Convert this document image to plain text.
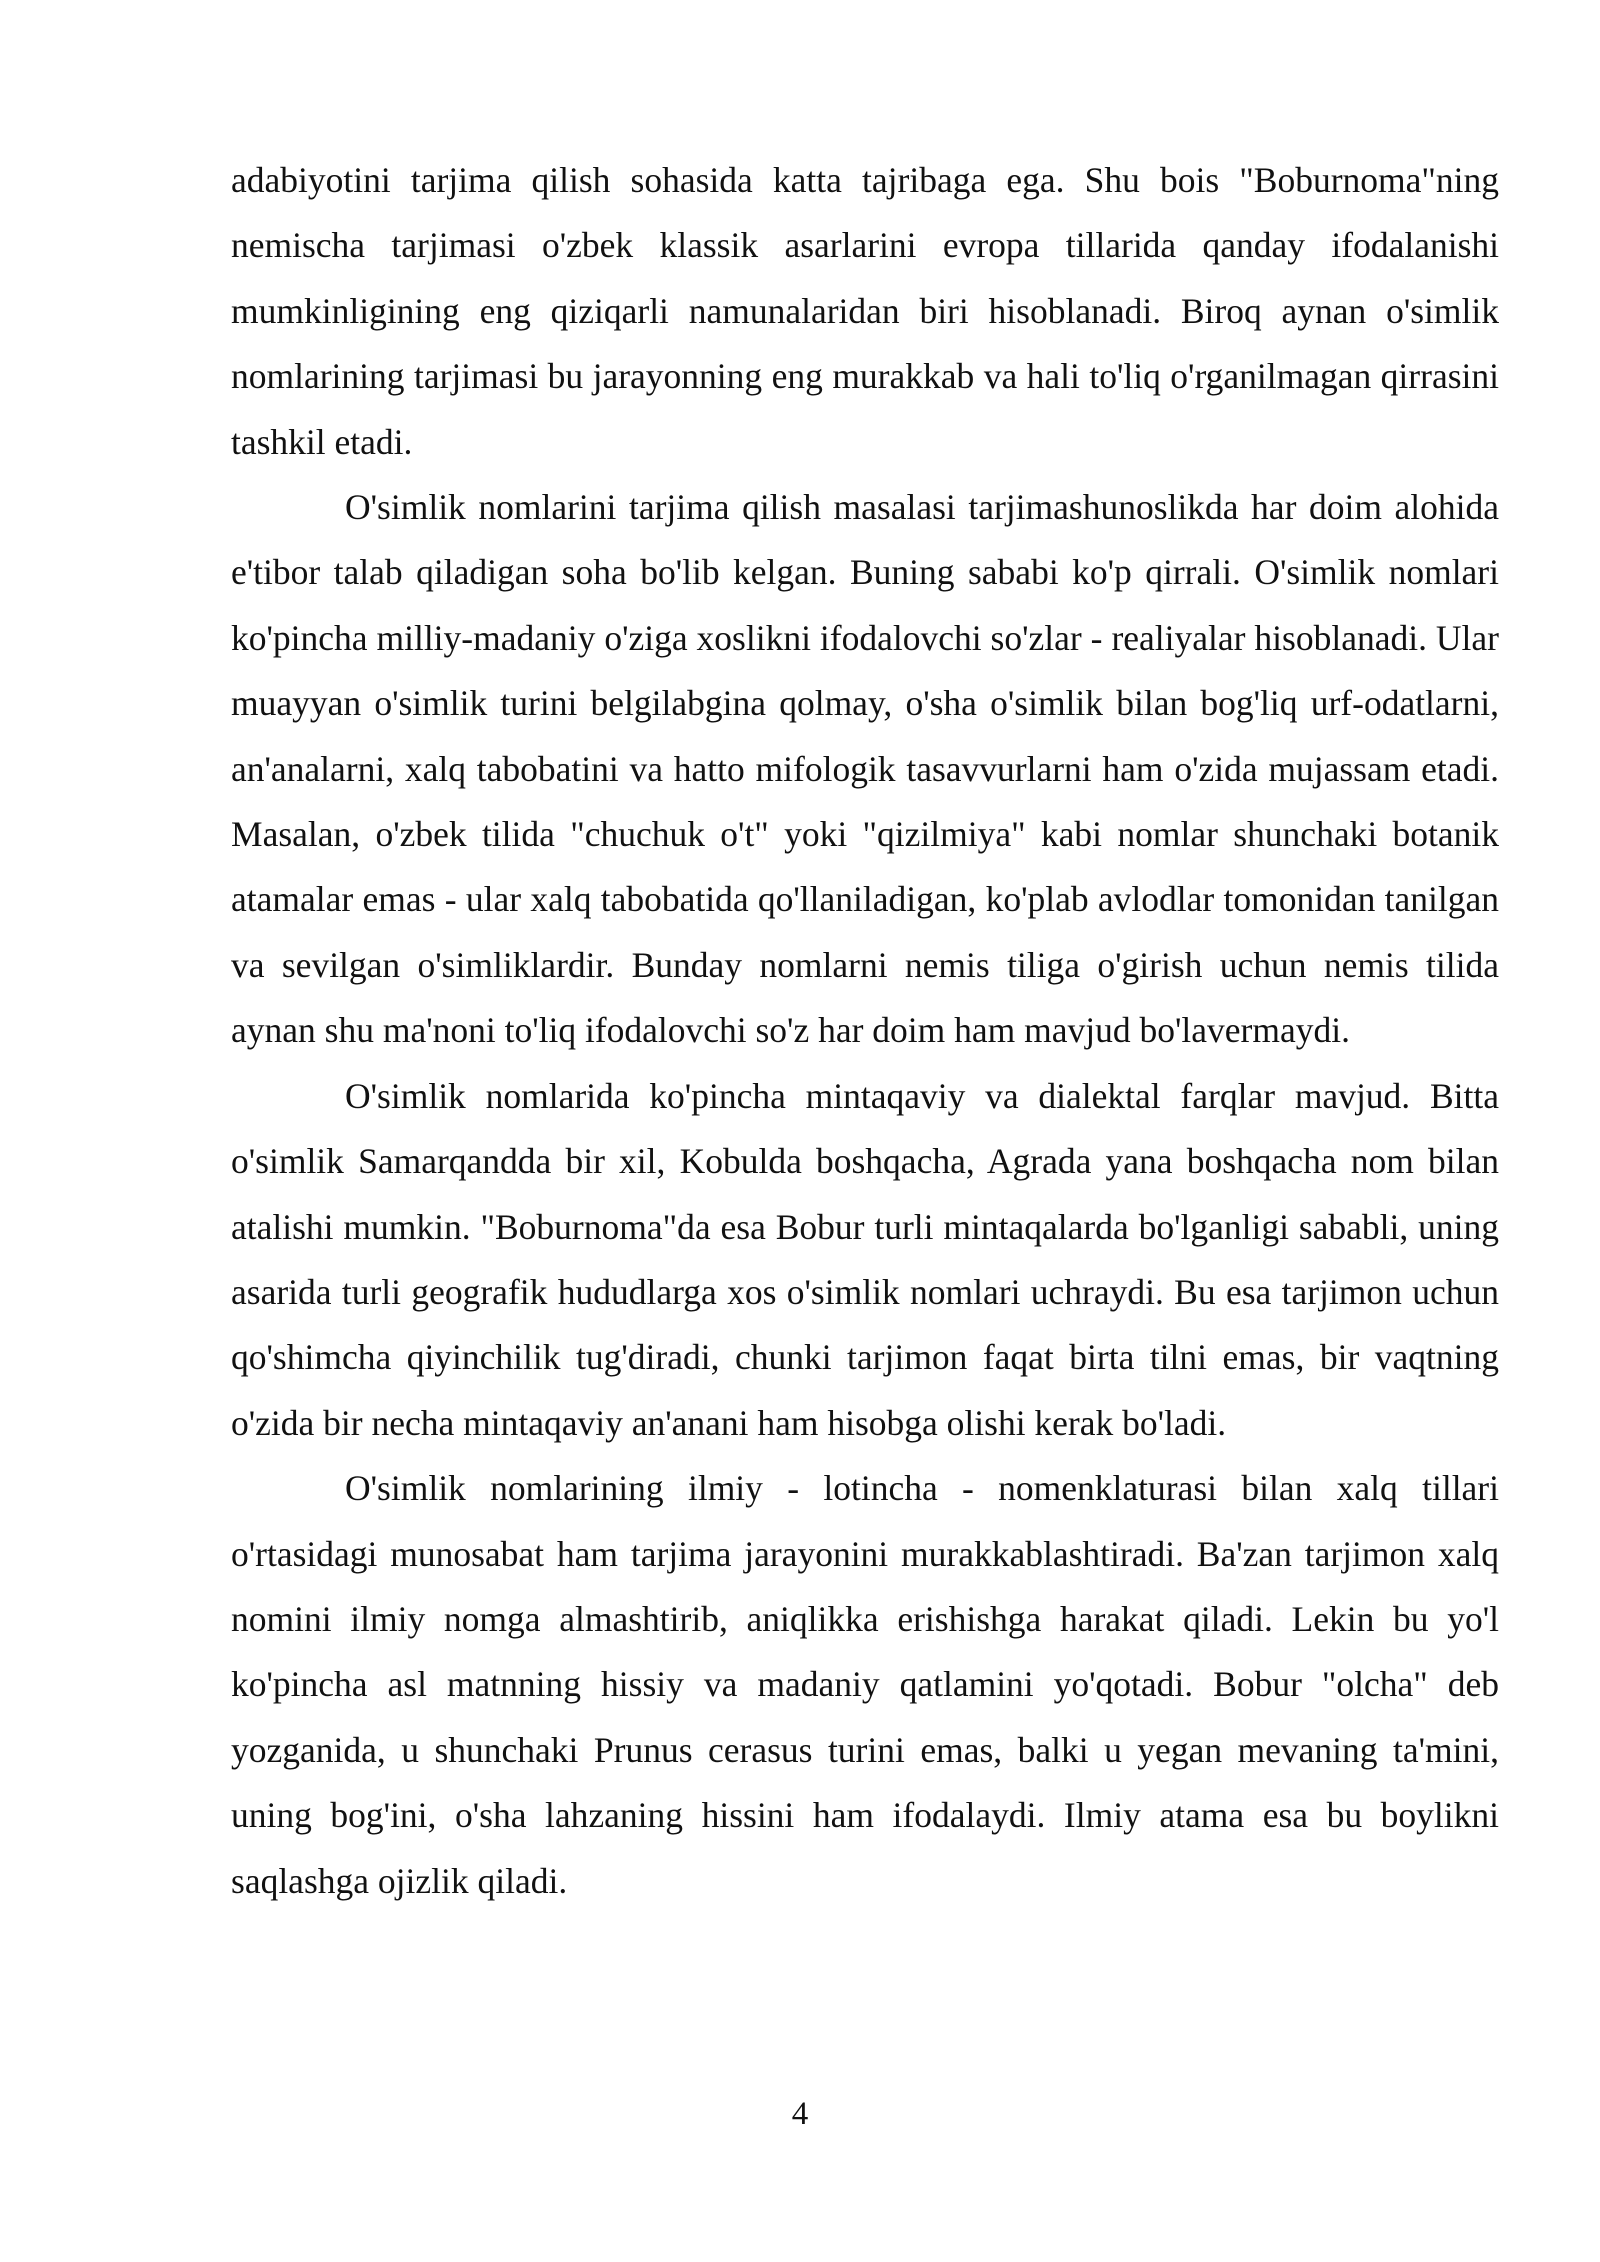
adabiyotini tarjima qilish sohasida katta tajribaga ega. Shu bois "Boburnoma"ning nemischa tarjimasi o'zbek klassik asarlarini evropa tillarida qanday ifodalanishi mumkinligining eng qiziqarli namunalaridan biri hisoblanadi. Biroq aynan o'simlik nomlarining tarjimasi bu jarayonning eng murakkab va hali to'liq o'rganilmagan qirrasini tashkil etadi.

O'simlik nomlarini tarjima qilish masalasi tarjimashunoslikda har doim alohida e'tibor talab qiladigan soha bo'lib kelgan. Buning sababi ko'p qirrali. O'simlik nomlari ko'pincha milliy-madaniy o'ziga xoslikni ifodalovchi so'zlar - realiyalar hisoblanadi. Ular muayyan o'simlik turini belgilabgina qolmay, o'sha o'simlik bilan bog'liq urf-odatlarni, an'analarni, xalq tabobatini va hatto mifologik tasavvurlarni ham o'zida mujassam etadi. Masalan, o'zbek tilida "chuchuk o't" yoki "qizilmiya" kabi nomlar shunchaki botanik atamalar emas - ular xalq tabobatida qo'llaniladigan, ko'plab avlodlar tomonidan tanilgan va sevilgan o'simliklardir. Bunday nomlarni nemis tiliga o'girish uchun nemis tilida aynan shu ma'noni to'liq ifodalovchi so'z har doim ham mavjud bo'lavermaydi.

O'simlik nomlarida ko'pincha mintaqaviy va dialektal farqlar mavjud. Bitta o'simlik Samarqandda bir xil, Kobulda boshqacha, Agrada yana boshqacha nom bilan atalishi mumkin. "Boburnoma"da esa Bobur turli mintaqalarda bo'lganligi sababli, uning asarida turli geografik hududlarga xos o'simlik nomlari uchraydi. Bu esa tarjimon uchun qo'shimcha qiyinchilik tug'diradi, chunki tarjimon faqat birta tilni emas, bir vaqtning o'zida bir necha mintaqaviy an'anani ham hisobga olishi kerak bo'ladi.

O'simlik nomlarining ilmiy - lotincha - nomenklaturasi bilan xalq tillari o'rtasidagi munosabat ham tarjima jarayonini murakkablashtiradi. Ba'zan tarjimon xalq nomini ilmiy nomga almashtirib, aniqlikka erishishga harakat qiladi. Lekin bu yo'l ko'pincha asl matnning hissiy va madaniy qatlamini yo'qotadi. Bobur "olcha" deb yozganida, u shunchaki Prunus cerasus turini emas, balki u yegan mevaning ta'mini, uning bog'ini, o'sha lahzaning hissini ham ifodalaydi. Ilmiy atama esa bu boylikni saqlashga ojizlik qiladi.

4
